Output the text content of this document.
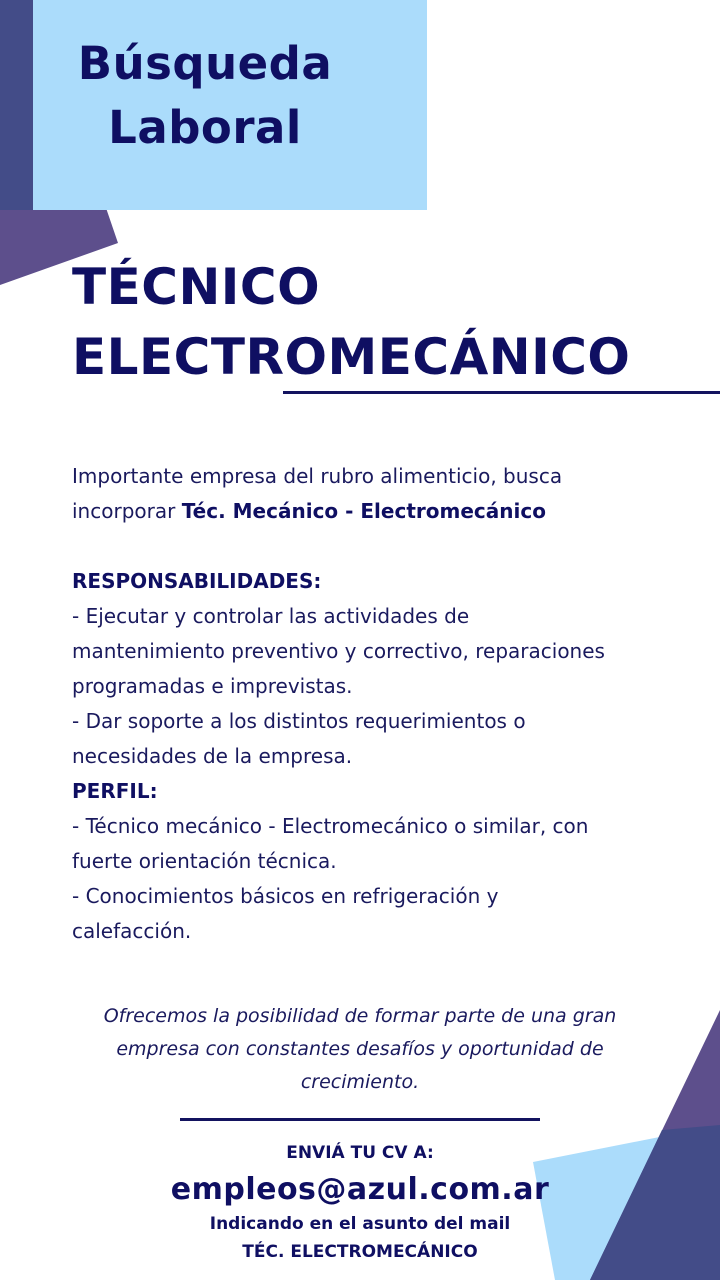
Búsqueda
Laboral
TÉCNICO
ELECTROMECÁNICO
Importante empresa del rubro alimenticio, busca
incorporar Téc. Mecánico - Electromecánico
RESPONSABILIDADES:
- Ejecutar y controlar las actividades de
mantenimiento preventivo y correctivo, reparaciones
programadas e imprevistas.
- Dar soporte a los distintos requerimientos o
necesidades de la empresa.
PERFIL:
- Técnico mecánico - Electromecánico o similar, con
fuerte orientación técnica.
- Conocimientos básicos en refrigeración y
calefacción.
Ofrecemos la posibilidad de formar parte de una gran
empresa con constantes desafíos y oportunidad de
crecimiento.
ENVIÁ TU CV A:
empleos@azul.com.ar
Indicando en el asunto del mail
TÉC. ELECTROMECÁNICO
